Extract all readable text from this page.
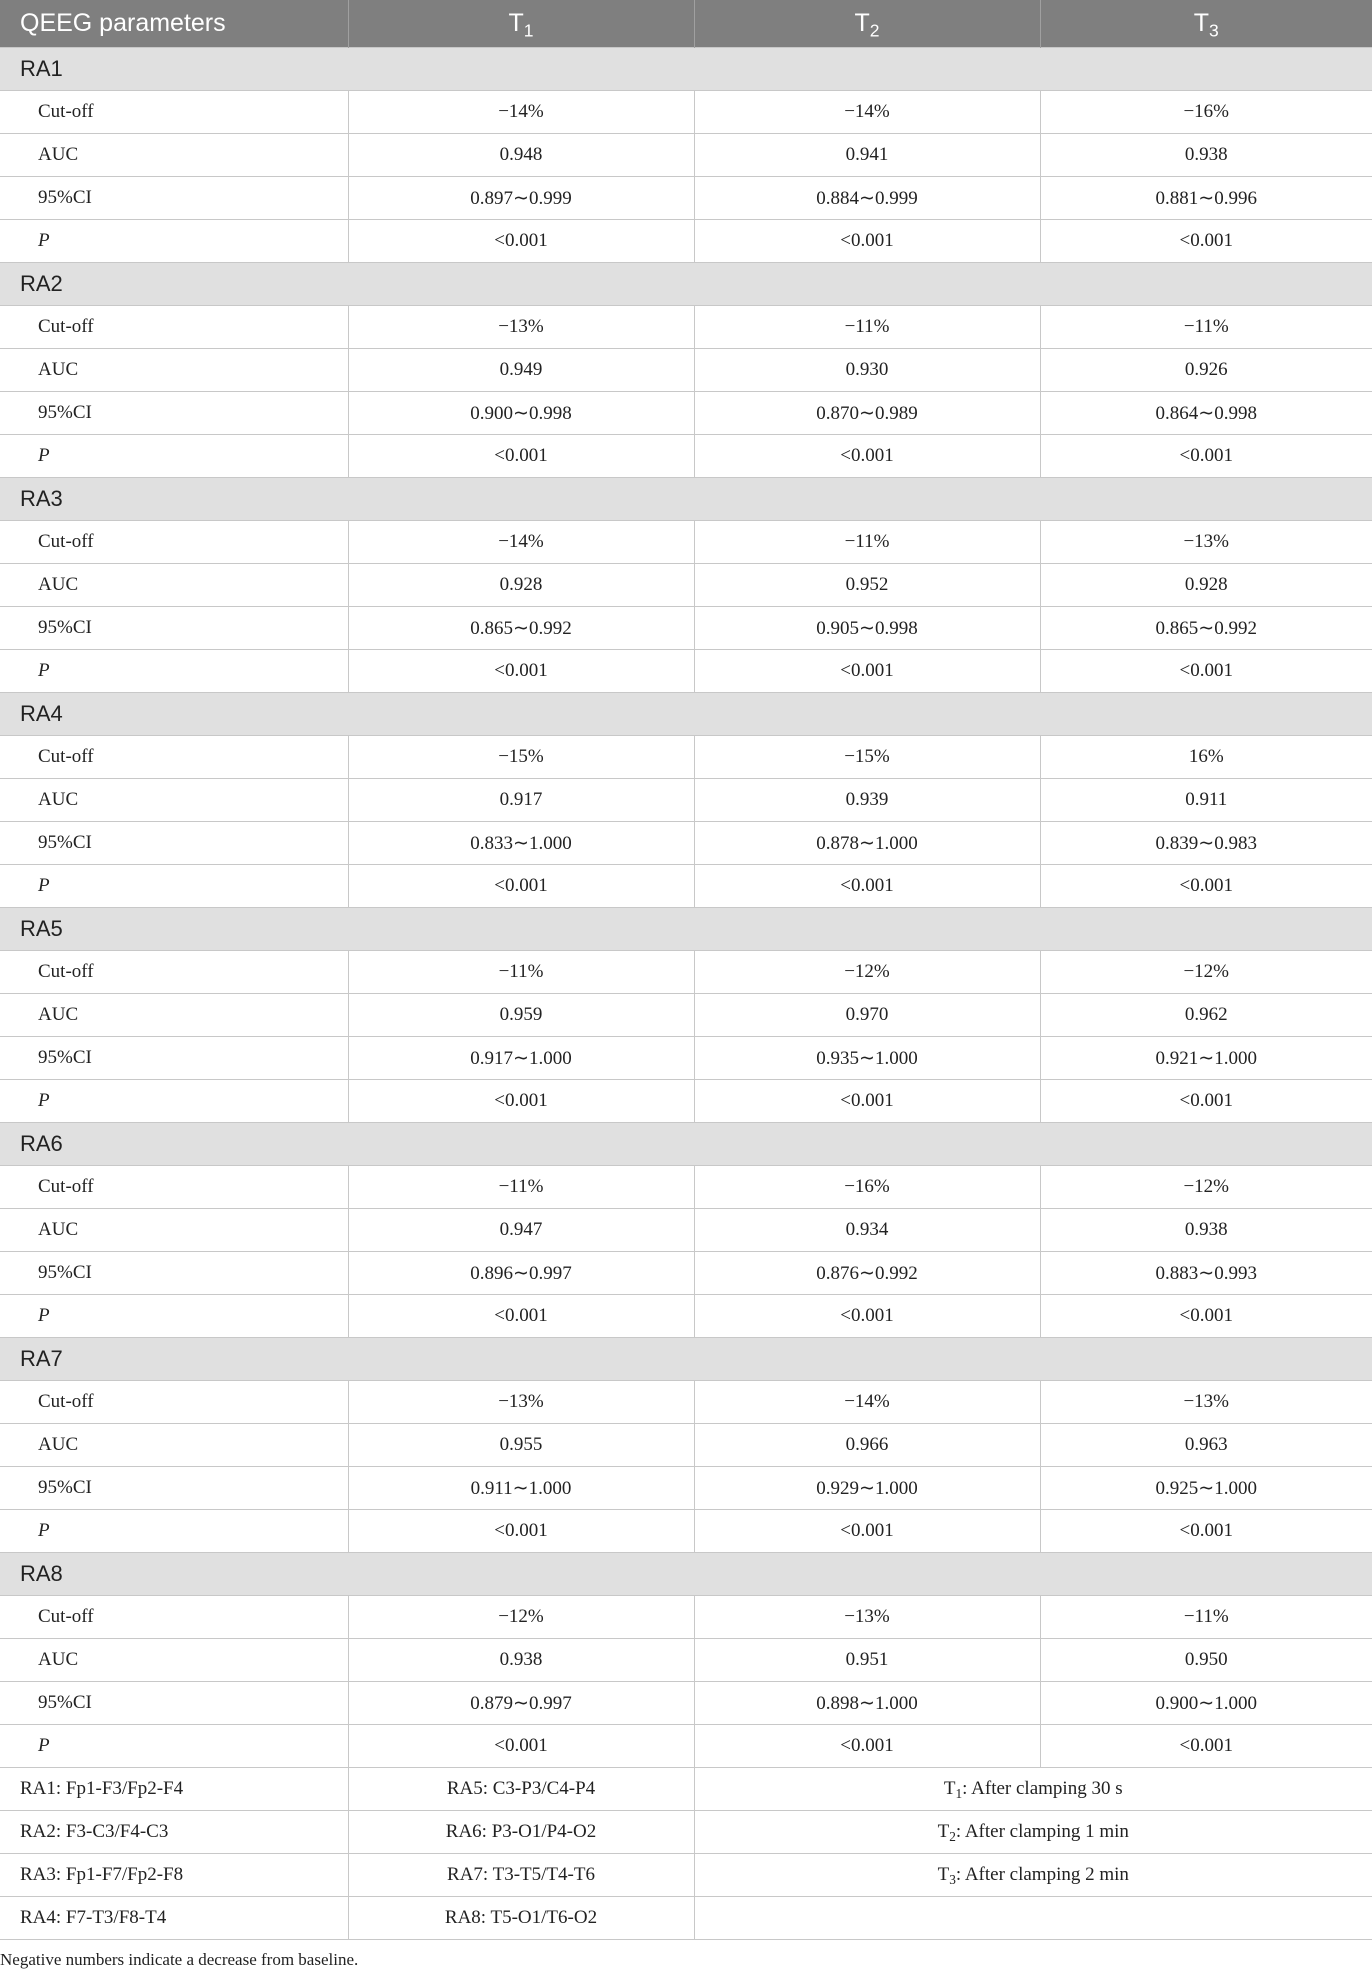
QEEG parameters	$T_1$	$T_2$	$T_3$
RA1			
Cut-off	−14%	−14%	−16%
AUC	0.948	0.941	0.938
95%CI	0.897∼0.999	0.884∼0.999	0.881∼0.996
P	<0.001	<0.001	<0.001
RA2			
Cut-off	−13%	−11%	−11%
AUC	0.949	0.930	0.926
95%CI	0.900∼0.998	0.870∼0.989	0.864∼0.998
P	<0.001	<0.001	<0.001
RA3			
Cut-off	−14%	−11%	−13%
AUC	0.928	0.952	0.928
95%CI	0.865∼0.992	0.905∼0.998	0.865∼0.992
P	<0.001	<0.001	<0.001
RA4			
Cut-off	−15%	−15%	16%
AUC	0.917	0.939	0.911
95%CI	0.833∼1.000	0.878∼1.000	0.839∼0.983
P	<0.001	<0.001	<0.001
RA5			
Cut-off	−11%	−12%	−12%
AUC	0.959	0.970	0.962
95%CI	0.917∼1.000	0.935∼1.000	0.921∼1.000
P	<0.001	<0.001	<0.001
RA6			
Cut-off	−11%	−16%	−12%
AUC	0.947	0.934	0.938
95%CI	0.896∼0.997	0.876∼0.992	0.883∼0.993
P	<0.001	<0.001	<0.001
RA7			
Cut-off	−13%	−14%	−13%
AUC	0.955	0.966	0.963
95%CI	0.911∼1.000	0.929∼1.000	0.925∼1.000
P	<0.001	<0.001	<0.001
RA8			
Cut-off	−12%	−13%	−11%
AUC	0.938	0.951	0.950
95%CI	0.879∼0.997	0.898∼1.000	0.900∼1.000
P	<0.001	<0.001	<0.001
RA1: Fp1-F3/Fp2-F4	RA5: C3-P3/C4-P4	$T_1$: After clamping 30 s	
RA2: F3-C3/F4-C3	RA6: P3-O1/P4-O2	$T_2$: After clamping 1 min	
RA3: Fp1-F7/Fp2-F8	RA7: T3-T5/T4-T6	$T_3$: After clamping 2 min	
RA4: F7-T3/F8-T4	RA8: T5-O1/T6-O2		
Negative numbers indicate a decrease from baseline.
